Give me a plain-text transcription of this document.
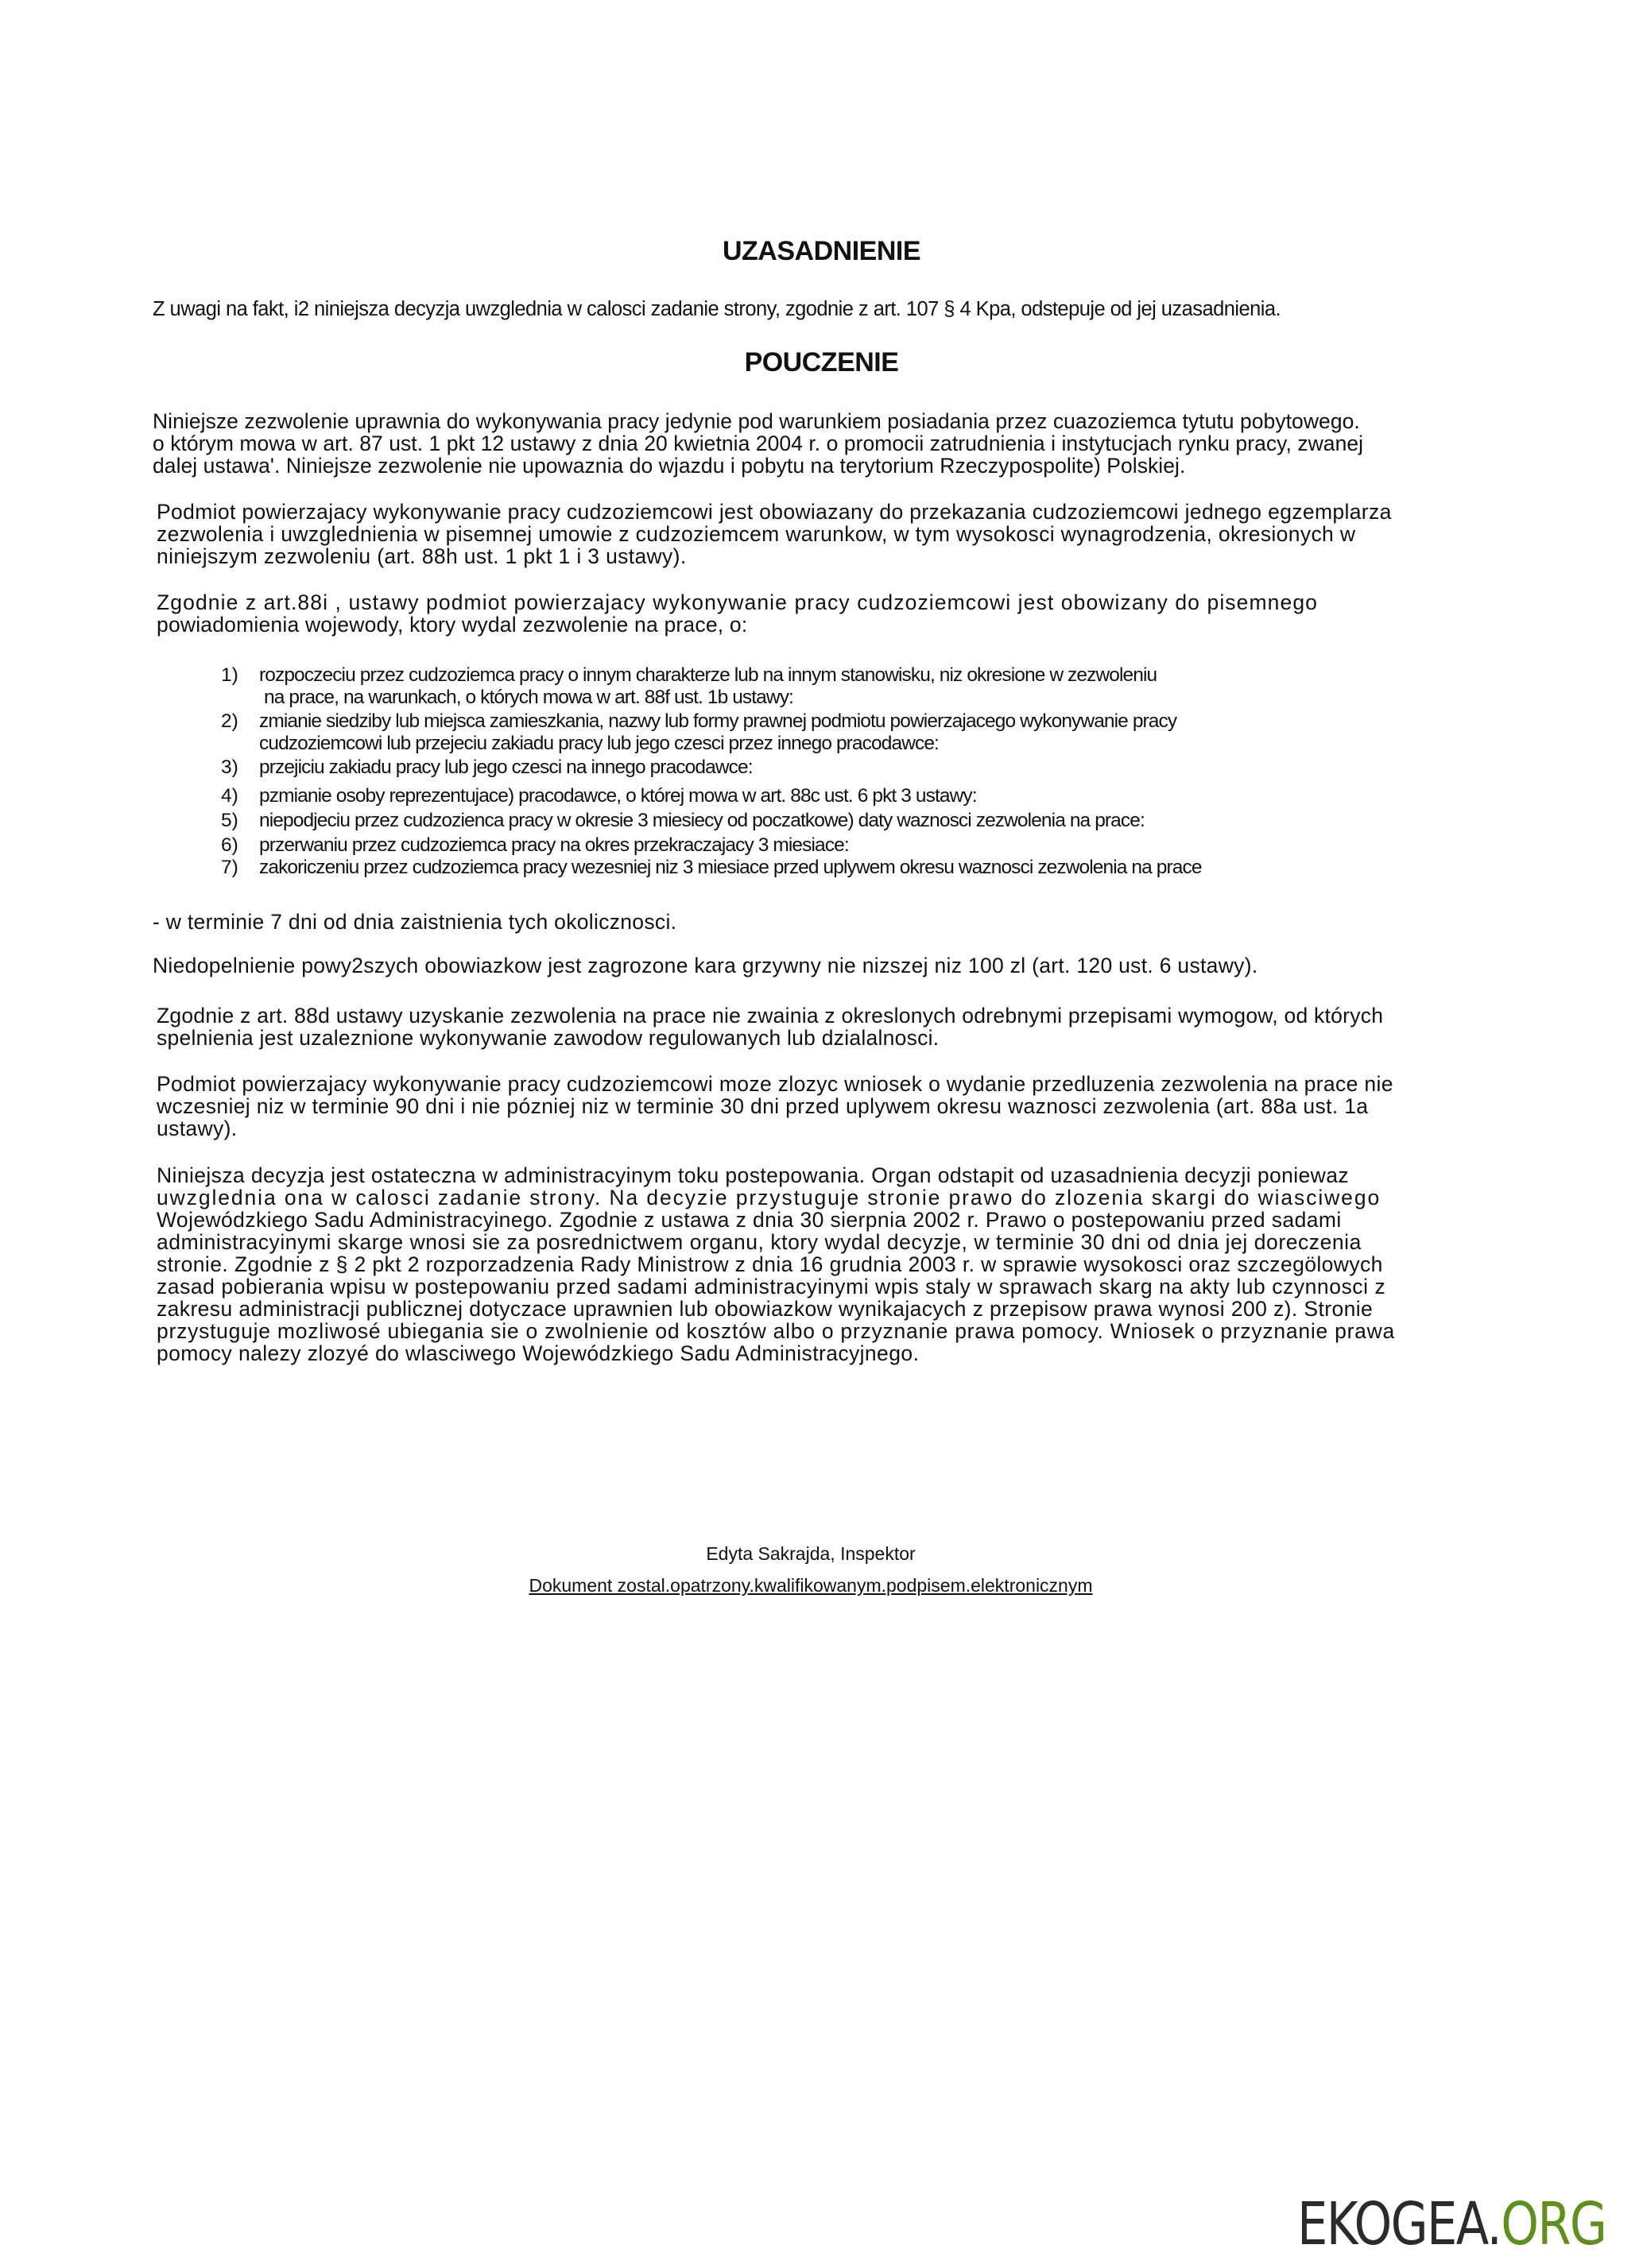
UZASADNIENIE

Z uwagi na fakt, i2 niniejsza decyzja uwzglednia w calosci zadanie strony, zgodnie z art. 107 § 4 Kpa, odstepuje od jej uzasadnienia.

POUCZENIE

Niniejsze zezwolenie uprawnia do wykonywania pracy jedynie pod warunkiem posiadania przez cuazoziemca tytutu pobytowego.
o którym mowa w art. 87 ust. 1 pkt 12 ustawy z dnia 20 kwietnia 2004 r. o promocii zatrudnienia i instytucjach rynku pracy, zwanej
dalej ustawa'. Niniejsze zezwolenie nie upowaznia do wjazdu i pobytu na terytorium Rzeczypospolite) Polskiej.

Podmiot powierzajacy wykonywanie pracy cudzoziemcowi jest obowiazany do przekazania cudzoziemcowi jednego egzemplarza
zezwolenia i uwzglednienia w pisemnej umowie z cudzoziemcem warunkow, w tym wysokosci wynagrodzenia, okresionych w
niniejszym zezwoleniu (art. 88h ust. 1 pkt 1 i 3 ustawy).

Zgodnie z art.88i , ustawy podmiot powierzajacy wykonywanie pracy cudzoziemcowi jest obowizany do pisemnego
powiadomienia wojewody, ktory wydal zezwolenie na prace, o:

1) rozpoczeciu przez cudzoziemca pracy o innym charakterze lub na innym stanowisku, niz okresione w zezwoleniu
na prace, na warunkach, o których mowa w art. 88f ust. 1b ustawy:
2) zmianie siedziby lub miejsca zamieszkania, nazwy lub formy prawnej podmiotu powierzajacego wykonywanie pracy
cudzoziemcowi lub przejeciu zakiadu pracy lub jego czesci przez innego pracodawce:
3) przejiciu zakiadu pracy lub jego czesci na innego pracodawce:
4) pzmianie osoby reprezentujace) pracodawce, o której mowa w art. 88c ust. 6 pkt 3 ustawy:
5) niepodjeciu przez cudzozienca pracy w okresie 3 miesiecy od poczatkowe) daty waznosci zezwolenia na prace:
6) przerwaniu przez cudzoziemca pracy na okres przekraczajacy 3 miesiace:
7) zakoriczeniu przez cudzoziemca pracy wezesniej niz 3 miesiace przed uplywem okresu waznosci zezwolenia na prace

- w terminie 7 dni od dnia zaistnienia tych okolicznosci.

Niedopelnienie powy2szych obowiazkow jest zagrozone kara grzywny nie nizszej niz 100 zl (art. 120 ust. 6 ustawy).

Zgodnie z art. 88d ustawy uzyskanie zezwolenia na prace nie zwainia z okreslonych odrebnymi przepisami wymogow, od których
spelnienia jest uzaleznione wykonywanie zawodow regulowanych lub dzialalnosci.

Podmiot powierzajacy wykonywanie pracy cudzoziemcowi moze zlozyc wniosek o wydanie przedluzenia zezwolenia na prace nie
wczesniej niz w terminie 90 dni i nie pózniej niz w terminie 30 dni przed uplywem okresu waznosci zezwolenia (art. 88a ust. 1a
ustawy).

Niniejsza decyzja jest ostateczna w administracyinym toku postepowania. Organ odstapit od uzasadnienia decyzji poniewaz
uwzglednia ona w calosci zadanie strony. Na decyzie przystuguje stronie prawo do zlozenia skargi do wiasciwego
Wojewódzkiego Sadu Administracyinego. Zgodnie z ustawa z dnia 30 sierpnia 2002 r. Prawo o postepowaniu przed sadami
administracyinymi skarge wnosi sie za posrednictwem organu, ktory wydal decyzje, w terminie 30 dni od dnia jej doreczenia
stronie. Zgodnie z § 2 pkt 2 rozporzadzenia Rady Ministrow z dnia 16 grudnia 2003 r. w sprawie wysokosci oraz szczegölowych
zasad pobierania wpisu w postepowaniu przed sadami administracyinymi wpis staly w sprawach skarg na akty lub czynnosci z
zakresu administracji publicznej dotyczace uprawnien lub obowiazkow wynikajacych z przepisow prawa wynosi 200 z). Stronie
przystuguje mozliwosé ubiegania sie o zwolnienie od kosztów albo o przyznanie prawa pomocy. Wniosek o przyznanie prawa
pomocy nalezy zlozyé do wlasciwego Wojewódzkiego Sadu Administracyjnego.

Edyta Sakrajda, Inspektor

Dokument zostal.opatrzony.kwalifikowanym.podpisem.elektronicznym

EKOGEA.ORG
